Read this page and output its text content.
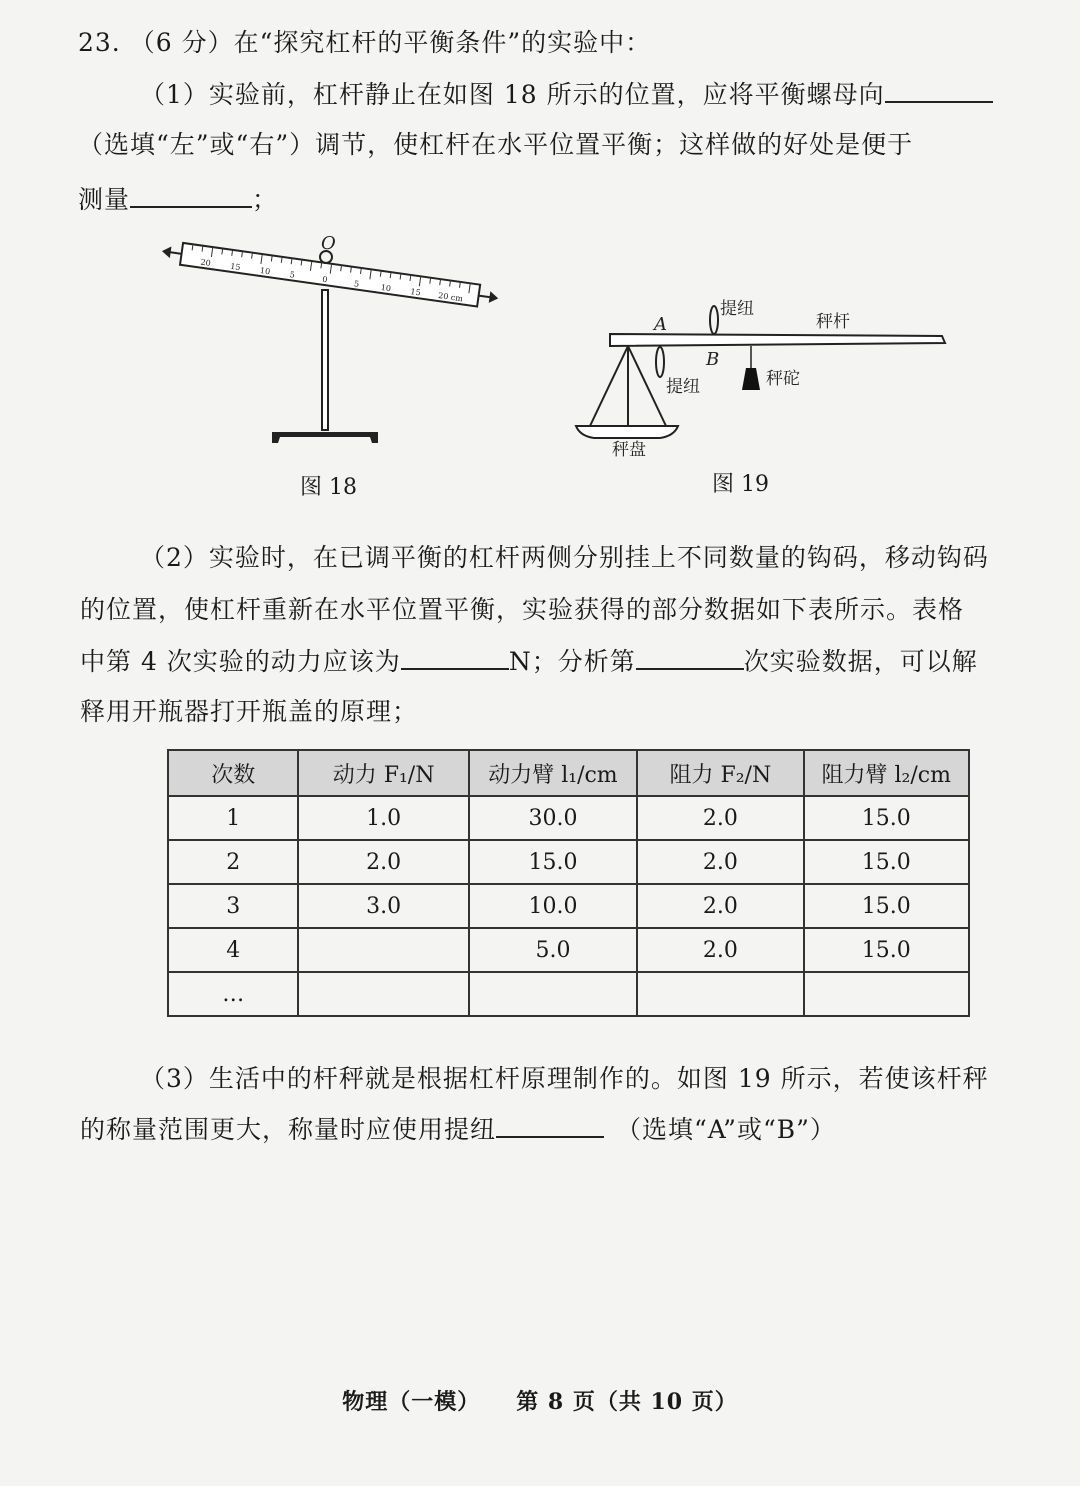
23. （6 分）在“探究杠杆的平衡条件”的实验中：
（1）实验前，杠杆静止在如图 18 所示的位置，应将平衡螺母向
（选填“左”或“右”）调节，使杠杆在水平位置平衡；这样做的好处是便于
测量	；
20 15 10 5	0	5	10 15 20 cm
O
图 18
A
提纽
秤杆
B
提纽	秤砣
秤盘
图 19
（2）实验时，在已调平衡的杠杆两侧分别挂上不同数量的钩码，移动钩码
的位置，使杠杆重新在水平位置平衡，实验获得的部分数据如下表所示。表格
中第 4 次实验的动力应该为	N；分析第	次实验数据，可以解
释用开瓶器打开瓶盖的原理；
次数	动力 F₁/N	动力臂 l₁/cm	阻力 F₂/N	阻力臂 l₂/cm
1	1.0	30.0	2.0	15.0
2	2.0	15.0	2.0	15.0
3	3.0	10.0	2.0	15.0
4		5.0	2.0	15.0
…				
（3）生活中的杆秤就是根据杠杆原理制作的。如图 19 所示，若使该杆秤
的称量范围更大，称量时应使用提纽	（选填“A”或“B”）
物理（一模） 第 8 页（共 10 页）
